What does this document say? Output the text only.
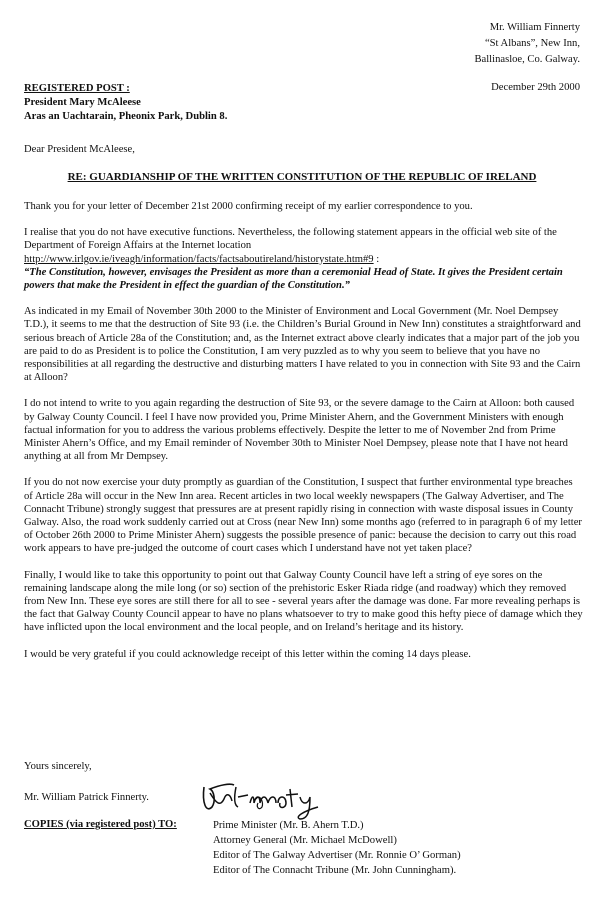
Mr. William Finnerty
“St Albans”, New Inn,
Ballinasloe, Co. Galway.
December 29th 2000
REGISTERED POST :
President Mary McAleese
Aras an Uachtarain, Pheonix Park, Dublin 8.
Dear President McAleese,
RE: GUARDIANSHIP OF THE WRITTEN CONSTITUTION OF THE REPUBLIC OF IRELAND

Thank you for your letter of December 21st 2000 confirming receipt of my earlier correspondence to you.

I realise that you do not have executive functions. Nevertheless, the following statement appears in the official web site of the Department of Foreign Affairs at the Internet location
http://www.irlgov.ie/iveagh/information/facts/factsaboutireland/historystate.htm#9 :
“The Constitution, however, envisages the President as more than a ceremonial Head of State. It gives the President certain powers that make the President in effect the guardian of the Constitution.”

As indicated in my Email of November 30th 2000 to the Minister of Environment and Local Government (Mr. Noel Dempsey T.D.), it seems to me that the destruction of Site 93 (i.e. the Children’s Burial Ground in New Inn) constitutes a straightforward and serious breach of Article 28a of the Constitution; and, as the Internet extract above clearly indicates that a major part of the job you are paid to do as President is to police the Constitution, I am very puzzled as to why you seem to believe that you have no responsibilities at all regarding the destructive and disturbing matters I have related to you in connection with Site 93 and the Cairn at Alloon?

I do not intend to write to you again regarding the destruction of Site 93, or the severe damage to the Cairn at Alloon: both caused by Galway County Council. I feel I have now provided you, Prime Minister Ahern, and the Government Ministers with enough factual information for you to address the various problems effectively. Despite the letter to me of November 2nd from Prime Minister Ahern’s Office, and my Email reminder of November 30th to Minister Noel Dempsey, please note that I have not heard anything at all from Mr Dempsey.

If you do not now exercise your duty promptly as guardian of the Constitution, I suspect that further environmental type breaches of Article 28a will occur in the New Inn area. Recent articles in two local weekly newspapers (The Galway Advertiser, and The Connacht Tribune) strongly suggest that pressures are at present rapidly rising in connection with waste disposal issues in County Galway. Also, the road work suddenly carried out at Cross (near New Inn) some months ago (referred to in paragraph 6 of my letter of October 26th 2000 to Prime Minister Ahern) suggests the possible presence of panic: because the decision to carry out this road work appears to have pre-judged the outcome of court cases which I understand have not yet taken place?

Finally, I would like to take this opportunity to point out that Galway County Council have left a string of eye sores on the remaining landscape along the mile long (or so) section of the prehistoric Esker Riada ridge (and roadway) which they removed from New Inn. These eye sores are still there for all to see - several years after the damage was done. Far more revealing perhaps is the fact that Galway County Council appear to have no plans whatsoever to try to make good this hefty piece of damage which they have inflicted upon the local environment and the local people, and on Ireland’s heritage and its history.

I would be very grateful if you could acknowledge receipt of this letter within the coming 14 days please.

Yours sincerely,
Mr. William Patrick Finnerty.
COPIES (via registered post) TO:	Prime Minister (Mr. B. Ahern T.D.)
Attorney General (Mr. Michael McDowell)
Editor of The Galway Advertiser (Mr. Ronnie O’ Gorman)
Editor of The Connacht Tribune (Mr. John Cunningham).
